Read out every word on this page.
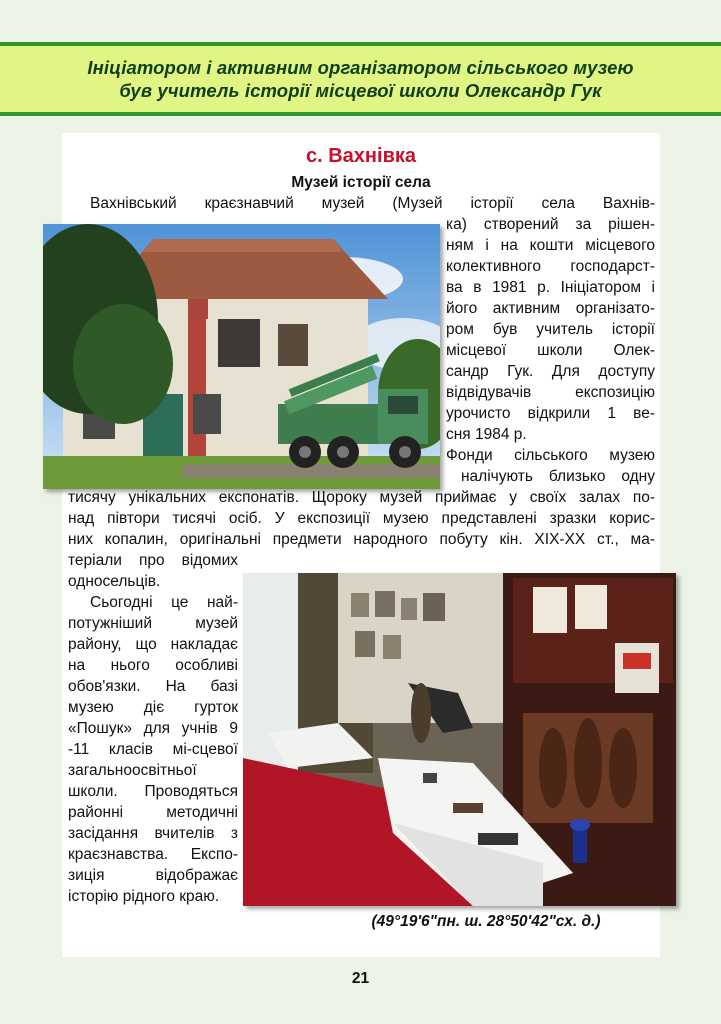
Ініціатором і активним організатором сільського музею
був учитель історії місцевої школи Олександр Гук
с. Вахнівка
Музей історії села
Вахнівський краєзнавчий музей (Музей історії села Вахнів-
ка) створений за рішен-
ням і на кошти місцевого
колективного господарст-
ва в 1981 р. Ініціатором і
його активним організато-
ром був учитель історії
місцевої школи Олек-
сандр Гук. Для доступу
відвідувачів експозицію
урочисто відкрили 1 ве-
сня 1984 р.
Фонди сільського музею
налічують близько одну
тисячу унікальних експонатів. Щороку музей приймає у своїх залах по-
над півтори тисячі осіб. У експозиції музею представлені зразки корис-
них копалин, оригінальні предмети народного побуту кін. ХІХ-ХХ ст., ма-
теріали про відомих
односельців.
Сьогодні це най-
потужніший музей
району, що накладає
на нього особливі
обов'язки. На базі
музею діє гурток
«Пошук» для учнів 9
-11 класів мі-сцевої
загальноосвітньої
школи. Проводяться
районні методичні
засідання вчителів з
краєзнавства. Експо-
зиція відображає
історію рідного краю.
(49°19'6"пн. ш. 28°50'42"сх. д.)
21
